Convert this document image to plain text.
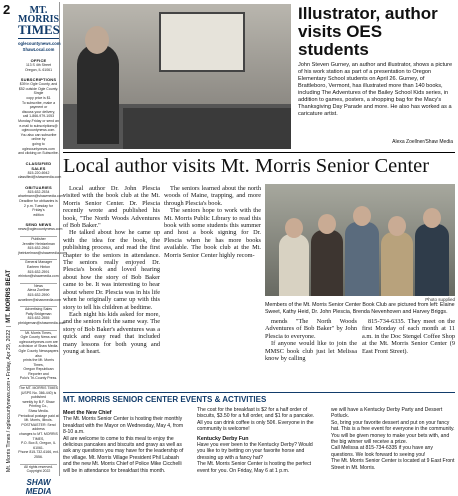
2
Mt. Morris Times / oglecountynews.com • Friday, Apr 29, 2022  |  MT. MORRIS BEAT
MT. MORRIS
TIMES
oglecountynews.com
ShawLocal.com
OFFICE
113 S 4th Street
Oregon, IL 61061
SUBSCRIPTIONS
$39 in Ogle County, and
$52 outside Ogle County. Single
copy price is $1
To subscribe, make a payment or
discuss your delivery,
call 1-866-979-1053
Monday-Friday or send an
e-mail to subscriptions@
oglecountynews.com.
You also can subscribe online by
going to oglecountynews.com
and clicking on Subscribe.
CLASSIFIED SALES
815-220-6942
classified@shawmedia.com
OBITUARIES
815-632-2534
ahartmann@shawmedia.com
Deadline for obituaries is
2 p.m. Tuesday for Friday's
edition
SEND NEWS
news@oglecountynews.com
Publisher
Jennifer Heintzelman
815-632-2562
jheintzelman@shawmedia.com
General Manager
Earleen Hinton
815-632-2591
ehinton@shawmedia.com
News
Alexa Zoellner
815-632-2590
azoellner@shawmedia.com
Advertising Sales
Patty Bridgeman
815-632-2555
pbridgeman@shawmedia.com
Mt. Morris Times,
Ogle County News and
oglecountynews.com are
a division of Shaw Media.
Ogle County Newspapers also
prints the Mt. Morris Times,
Oregon Republican Reporter and
Polo's Tri-County Press.
The MT. MORRIS TIMES
(USPS No. 366-440) is published
weekly by B.F. Shaw Printing Co.,
Shaw Media.
Periodical postage paid at
Mt. Morris, Illinois.
POSTMASTER: Send address
changes to MT. MORRIS TIMES,
P.O. Box 8, Oregon, IL 61061.
Phone 815-732-6166, ext. 2556.
All rights reserved.
Copyright 2022
SHAW MEDIA
Illustrator, author visits OES students
John Steven Gurney, an author and illustrator, shows a picture of his work station as part of a presentation to Oregon Elementary School students on April 26. Gurney, of Brattleboro, Vermont, has illustrated more than 140 books, including The Adventures of the Bailey School Kids series, in addition to games, posters, a shopping bag for the Macy's Thanksgiving Day Parade and more. He also has worked as a caricature artist.
Alexa Zoellner/Shaw Media
Local author visits Mt. Morris Senior Center

Local author Dr. John Plescia visited with the book club at the Mt. Morris Senior Center. Dr. Plescia recently wrote and published his book, "The North Woods Adventures of Bob Baker."

He talked about how he came up with the idea for the book, the publishing process, and read the first chapter to the seniors in attendance. The seniors really enjoyed Dr. Plescia's book and loved hearing about how the story of Bob Baker came to be. It was interesting to hear about where Dr. Plescia was in his life when he originally came up with this story to tell his children at bedtime.

Each night his kids asked for more, and the seniors felt the same way. The story of Bob Baker's adventures was a quick and easy read that included many lessons for both young and young at heart.

The seniors learned about the north woods of Maine, trapping, and more through Plescia's book.

The seniors hope to work with the Mt. Morris Public Library to read this book with some students this summer and host a book signing for Dr. Plescia when he has more books available. The book club at the Mt. Morris Senior Center highly recom-

Photo supplied
Members of the Mt. Morris Senior Center Book Club are pictured from left: Elaine Sweet, Kathy Heid, Dr. John Plescia, Brenda Nevenhoven and Harvey Briggs.

mends "The North Woods Adventures of Bob Baker" by John Plescia to everyone.

If anyone would like to join the MMSC book club just let Melissa know by calling

815-734-6335. They meet on the first Monday of each month at 11 a.m. in the Doc Stengel Coffee Shop at the Mt. Morris Senior Center (9 East Front Street).

MT. MORRIS SENIOR CENTER EVENTS & ACTIVITIES
Meet the New Chief

The Mt. Morris Senior Center is hosting their monthly breakfast with the Mayor on Wednesday, May 4, from 8-10 a.m.

All are welcome to come to this meal to enjoy the delicious pancakes and biscuits and gravy as well as ask any questions you may have for the leadership of the village. Mt. Morris Village President Phil Labash and the new Mt. Morris Chief of Police Mike Cicchelli will be in attendance for breakfast this month.

The cost for the breakfast is $2 for a half order of biscuits, $3.50 for a full order, and $1 for a pancake. All you can drink coffee is only 50¢. Everyone in the community is welcome!

Kentucky Derby Fun

Have you ever been to the Kentucky Derby? Would you like to try betting on your favorite horse and dressing up with a fancy hat?

The Mt. Morris Senior Center is hosting the perfect event for you. On Friday, May 6 at 1 p.m.

we will have a Kentucky Derby Party and Dessert Potluck.

So, bring your favorite dessert and put on your fancy hat. This is a free event for everyone in the community.

You will be given money to make your bets with, and the big winner will receive a prize.

Call Melissa at 815-734-6335 if you have any questions. We look forward to seeing you!

The Mt. Morris Senior Center is located at 9 East Front Street in Mt. Morris.
